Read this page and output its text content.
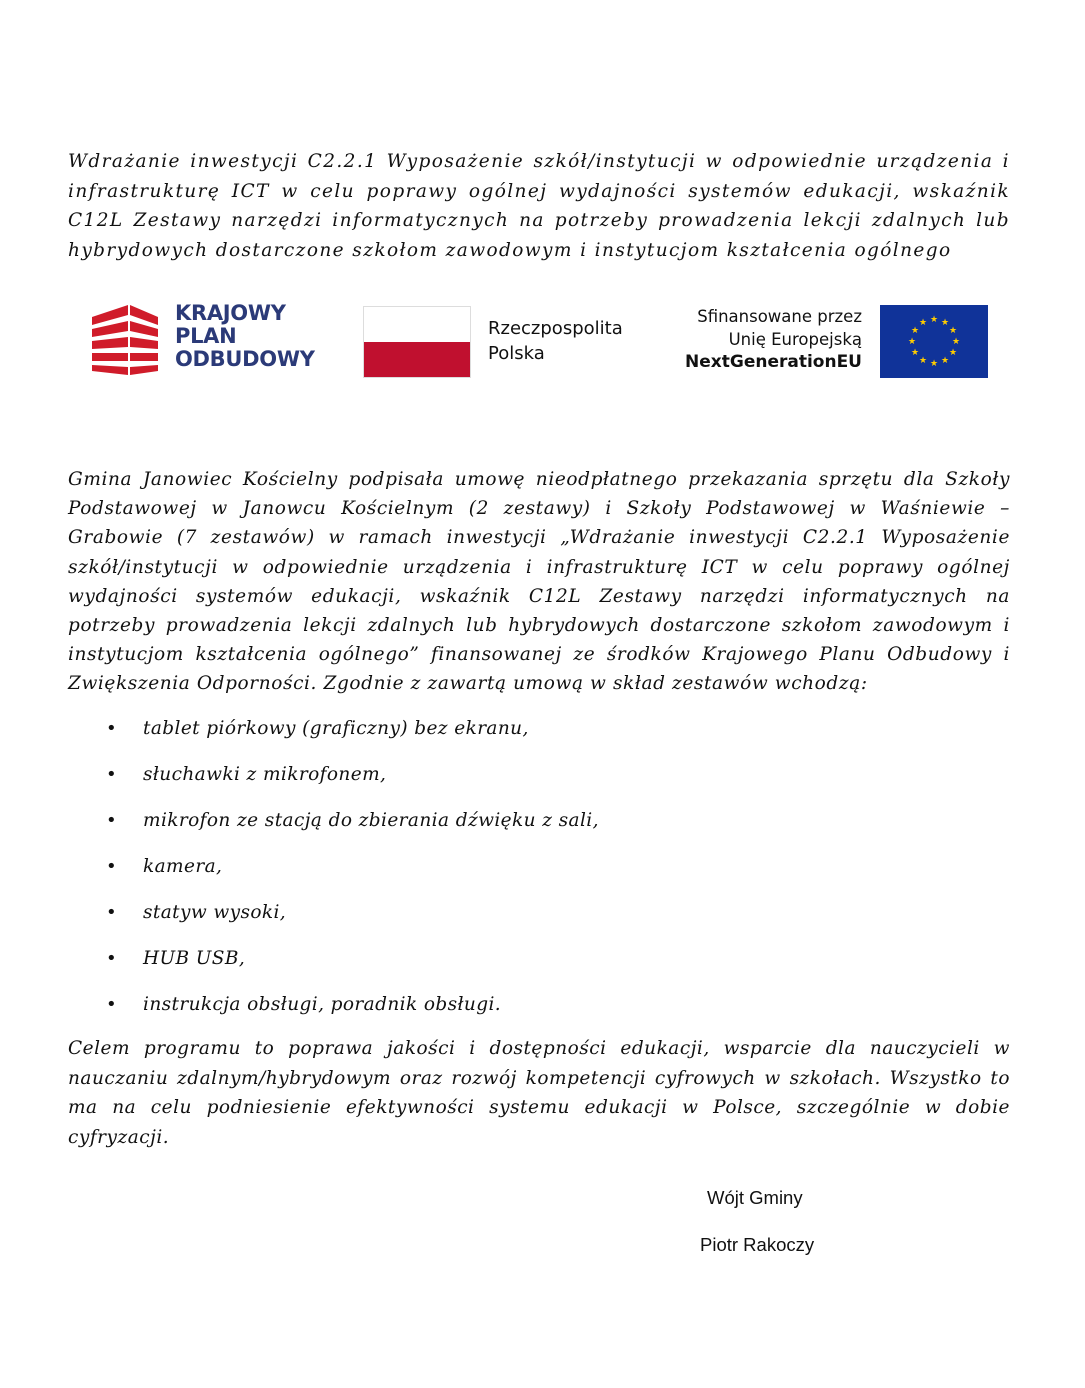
Wdrażanie inwestycji C2.2.1 Wyposażenie szkół/instytucji w odpowiednie urządzenia i infrastrukturę ICT w celu poprawy ogólnej wydajności systemów edukacji, wskaźnik C12L Zestawy narzędzi informatycznych na potrzeby prowadzenia lekcji zdalnych lub hybrydowych dostarczone szkołom zawodowym i instytucjom kształcenia ogólnego
KRAJOWY
PLAN
ODBUDOWY
Rzeczpospolita
Polska
Sfinansowane przez
Unię Europejską
NextGenerationEU
★ ★
★
★
★
★
★
★
★
★
★
★
Gmina Janowiec Kościelny podpisała umowę nieodpłatnego przekazania sprzętu dla Szkoły Podstawowej w Janowcu Kościelnym (2 zestawy) i Szkoły Podstawowej w Waśniewie – Grabowie (7 zestawów) w ramach inwestycji „Wdrażanie inwestycji C2.2.1 Wyposażenie szkół/instytucji w odpowiednie urządzenia i infrastrukturę ICT w celu poprawy ogólnej wydajności systemów edukacji, wskaźnik C12L Zestawy narzędzi informatycznych na potrzeby prowadzenia lekcji zdalnych lub hybrydowych dostarczone szkołom zawodowym i instytucjom kształcenia ogólnego” finansowanej ze środków Krajowego Planu Odbudowy i Zwiększenia Odporności. Zgodnie z zawartą umową w skład zestawów wchodzą:
• tablet piórkowy (graficzny) bez ekranu,
• słuchawki z mikrofonem,
• mikrofon ze stacją do zbierania dźwięku z sali,
• kamera,
• statyw wysoki,
• HUB USB,
• instrukcja obsługi, poradnik obsługi.
Celem programu to poprawa jakości i dostępności edukacji, wsparcie dla nauczycieli w nauczaniu zdalnym/hybrydowym oraz rozwój kompetencji cyfrowych w szkołach. Wszystko to ma na celu podniesienie efektywności systemu edukacji w Polsce, szczególnie w dobie cyfryzacji.
Wójt Gminy
Piotr Rakoczy
